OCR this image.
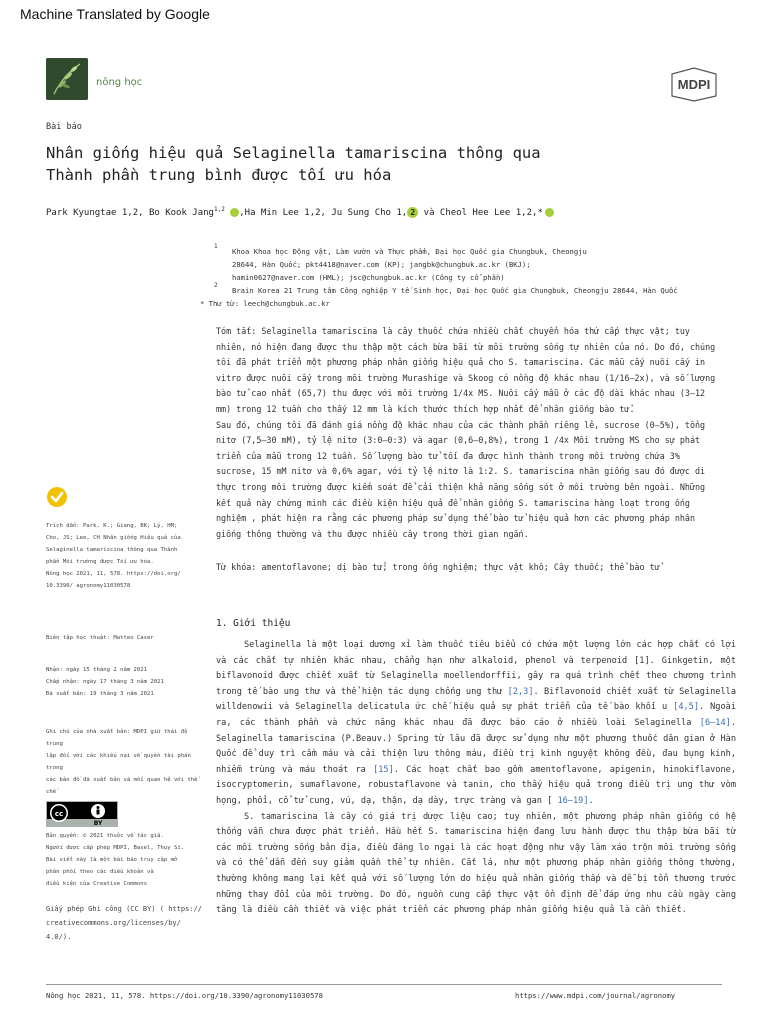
Machine Translated by Google
nông học	MDPI
Bài báo
Nhân giống hiệu quả Selaginella tamariscina thông qua
Thành phần trung bình được tối ưu hóa
Park Kyungtae 1,2, Bo Kook Jang$^{1,2}$ ,Ha Min Lee 1,2, Ju Sung Cho 1, 2 và Cheol Hee Lee 1,2,*
1
Khoa Khoa học Động vật, Làm vườn và Thực phẩm, Đại học Quốc gia Chungbuk, Cheongju
28644, Hàn Quốc; pkt4418@naver.com (KP); jangbk@chungbuk.ac.kr (BKJ);
hamin0627@naver.com (HML); jsc@chungbuk.ac.kr (Công ty cổ phần)
2
Brain Korea 21 Trung tâm Công nghiệp Y tế Sinh học, Đại học Quốc gia Chungbuk, Cheongju 28644, Hàn Quốc
* Thư từ: leech@chungbuk.ac.kr

Tóm tắt: Selaginella tamariscina là cây thuốc chứa nhiều chất chuyển hóa thứ cấp thực vật; tuy nhiên, nó hiện đang được thu thập một cách bừa bãi từ môi trường sống tự nhiên của nó. Do đó, chúng tôi đã phát triển một phương pháp nhân giống hiệu quả cho S. tamariscina. Các mẫu cấy nuôi cấy in vitro được nuôi cấy trong môi trường Murashige và Skoog có nồng độ khác nhau (1/16–2x), và số lượng bào tử cao nhất (65,7) thu được với môi trường 1/4x MS. Nuôi cấy mẫu ở các độ dài khác nhau (3–12 mm) trong 12 tuần cho thấy 12 mm là kích thước thích hợp nhất để nhân giống bào tử.

Sau đó, chúng tôi đã đánh giá nồng độ khác nhau của các thành phần riêng lẻ, sucrose (0–5%), tổng nitơ (7,5–30 mM), tỷ lệ nitơ (3:0–0:3) và agar (0,6–0,8%), trong 1 /4x Môi trường MS cho sự phát triển của mẫu trong 12 tuần. Số lượng bào tử tối đa được hình thành trong môi trường chứa 3% sucrose, 15 mM nitơ và 0,6% agar, với tỷ lệ nitơ là 1:2. S. tamariscina nhân giống sau đó được di thực trong môi trường được kiểm soát để cải thiện khả năng sống sót ở môi trường bên ngoài. Những kết quả này chứng minh các điều kiện hiệu quả để nhân giống S. tamariscina hàng loạt trong ống nghiệm , phát hiện ra rằng các phương pháp sử dụng thể bào tử hiệu quả hơn các phương pháp nhân giống thông thường và thu được nhiều cây trong thời gian ngắn.

Từ khóa: amentoflavone; dị bào tử; trong ống nghiệm; thực vật khô; Cây thuốc; thể bào tử
Trích dẫn: Park, K.; Giang, BK; Lý, HM;
Cho, JS; Lee, CH Nhân giống Hiệu quả của
Selaginella tamariscina thông qua Thành
phần Môi trường được Tối ưu hóa.
Nông học 2021, 11, 578. https://doi.org/
10.3390/ agronomy11030578
Biên tập học thuật: Matteo Caser
Nhận: ngày 15 tháng 2 năm 2021
Chấp nhận: ngày 17 tháng 3 năm 2021
Đã xuất bản: 19 tháng 3 năm 2021
Ghi chú của nhà xuất bản: MDPI giữ thái độ trung
lập đối với các khiếu nại về quyền tài phán trong
các bản đồ đã xuất bản và mối quan hệ với thể chế
cc
BY
Bản quyền: © 2021 thuộc về tác giả.
Người được cấp phép MDPI, Basel, Thụy Sĩ.
Bài viết này là một bài báo truy cập mở
phân phối theo các điều khoản và
điều kiện của Creative Commons
Giấy phép Ghi công (CC BY) ( https://
creativecommons.org/licenses/by/
4.0/).
1. Giới thiệu

Selaginella là một loại dương xỉ làm thuốc tiêu biểu có chứa một lượng lớn các hợp chất có lợi và các chất tự nhiên khác nhau, chẳng hạn như alkaloid, phenol và terpenoid [1]. Ginkgetin, một biflavonoid được chiết xuất từ Selaginella moellendorffii, gây ra quá trình chết theo chương trình trong tế bào ung thư và thể hiện tác dụng chống ung thư [2,3]. Biflavonoid chiết xuất từ Selaginella willdenowii và Selaginella delicatula ức chế hiệu quả sự phát triển của tế bào khối u [4,5]. Ngoài ra, các thành phần và chức năng khác nhau đã được báo cáo ở nhiều loài Selaginella [6–14]. Selaginella tamariscina (P.Beauv.) Spring từ lâu đã được sử dụng như một phương thuốc dân gian ở Hàn Quốc để duy trì cầm máu và cải thiện lưu thông máu, điều trị kinh nguyệt không đều, đau bụng kinh, nhiễm trùng và máu thoát ra [15]. Các hoạt chất bao gồm amentoflavone, apigenin, hinokiflavone, isocryptomerin, sumaflavone, robustaflavone và tanin, cho thấy hiệu quả trong điều trị ung thư vòm họng, phổi, cổ tử cung, vú, dạ, thận, dạ dày, trực tràng và gan [ 16–19].

S. tamariscina là cây có giá trị dược liệu cao; tuy nhiên, một phương pháp nhân giống có hệ thống vẫn chưa được phát triển. Hầu hết S. tamariscina hiện đang lưu hành được thu thập bừa bãi từ các môi trường sống bản địa, điều đáng lo ngại là các hoạt động như vậy làm xáo trộn môi trường sống và có thể dẫn đến suy giảm quần thể tự nhiên. Cắt lá, như một phương pháp nhân giống thông thường, thường không mang lại kết quả với số lượng lớn do hiệu quả nhân giống thấp và dễ bị tổn thương trước những thay đổi của môi trường. Do đó, nguồn cung cấp thực vật ổn định để đáp ứng nhu cầu ngày càng tăng là điều cần thiết và việc phát triển các phương pháp nhân giống hiệu quả là cần thiết.

Nông học 2021, 11, 578. https://doi.org/10.3390/agronomy11030578	https://www.mdpi.com/journal/agronomy
